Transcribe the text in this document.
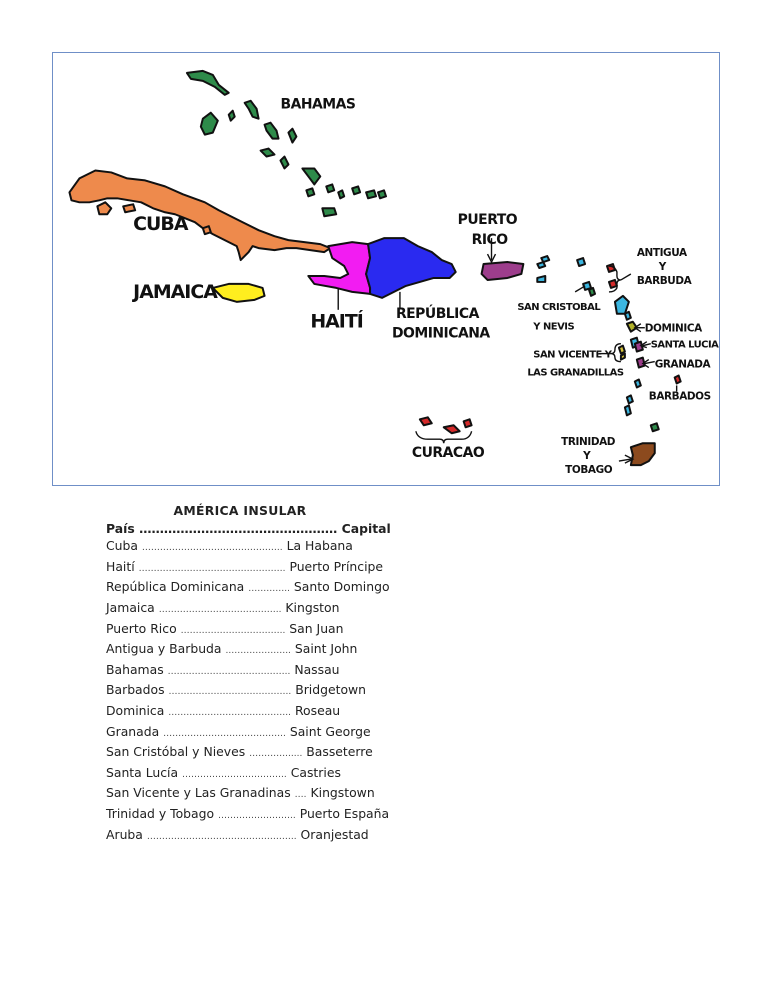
BAHAMAS
CUBA
JAMAICA
HAITÍ REPÚBLICA
DOMINICANA
PUERTO
RICO
ANTIGUA
Y
BARBUDA
SAN CRISTOBAL
Y NEVIS	DOMINICA
SANTA LUCIA
SAN VICENTE Y
LAS GRANADILLAS
GRANADA
BARBADOS
CURACAO
TRINIDAD
Y
TOBAGO
AMÉRICA INSULAR
País ………………………………………… Capital
Cuba ……………………………………….. La Habana
Haití …………………………………………. Puerto Príncipe
República Dominicana ………….. Santo Domingo
Jamaica ………………………………….. Kingston
Puerto Rico …………………………….. San Juan
Antigua y Barbuda ..……………….. Saint John
Bahamas ………………………………….. Nassau
Barbados ………………………………….. Bridgetown
Dominica ………………………………….. Roseau
Granada ………………………………….. Saint George
San Cristóbal y Nieves …………...... Basseterre
Santa Lucía …………………………….. Castries
San Vicente y Las Granadinas …. Kingstown
Trinidad y Tobago …………………….. Puerto España
Aruba ………………………………………….. Oranjestad
